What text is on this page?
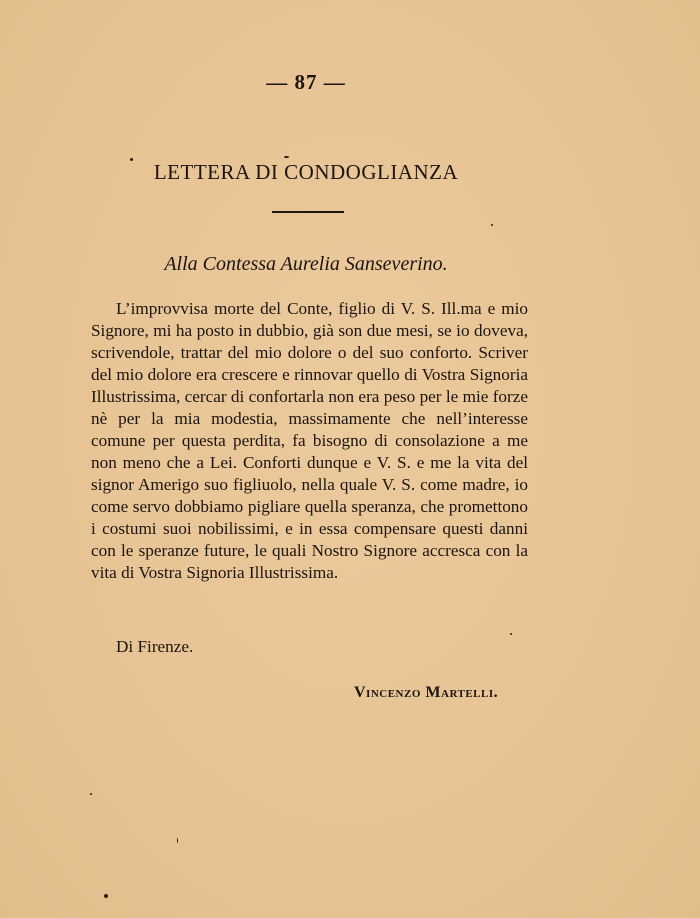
— 87 —
LETTERA DI CONDOGLIANZA
Alla Contessa Aurelia Sanseverino.

L’improvvisa morte del Conte, figlio di V. S. Ill.ma e mio Signore, mi ha posto in dubbio, già son due mesi, se io doveva, scrivendole, trattar del mio dolore o del suo conforto. Scriver del mio dolore era crescere e rinnovar quello di Vostra Signoria Illustrissima, cercar di confortarla non era peso per le mie forze nè per la mia modestia, massimamente che nell’interesse comune per questa perdita, fa bisogno di consolazione a me non meno che a Lei. Conforti dunque e V. S. e me la vita del signor Amerigo suo figliuolo, nella quale V. S. come madre, io come servo dobbiamo pigliare quella speranza, che promettono i costumi suoi nobilissimi, e in essa compensare questi danni con le speranze future, le quali Nostro Signore accresca con la vita di Vostra Signoria Illustrissima.

Di Firenze.
Vincenzo Martelli.
